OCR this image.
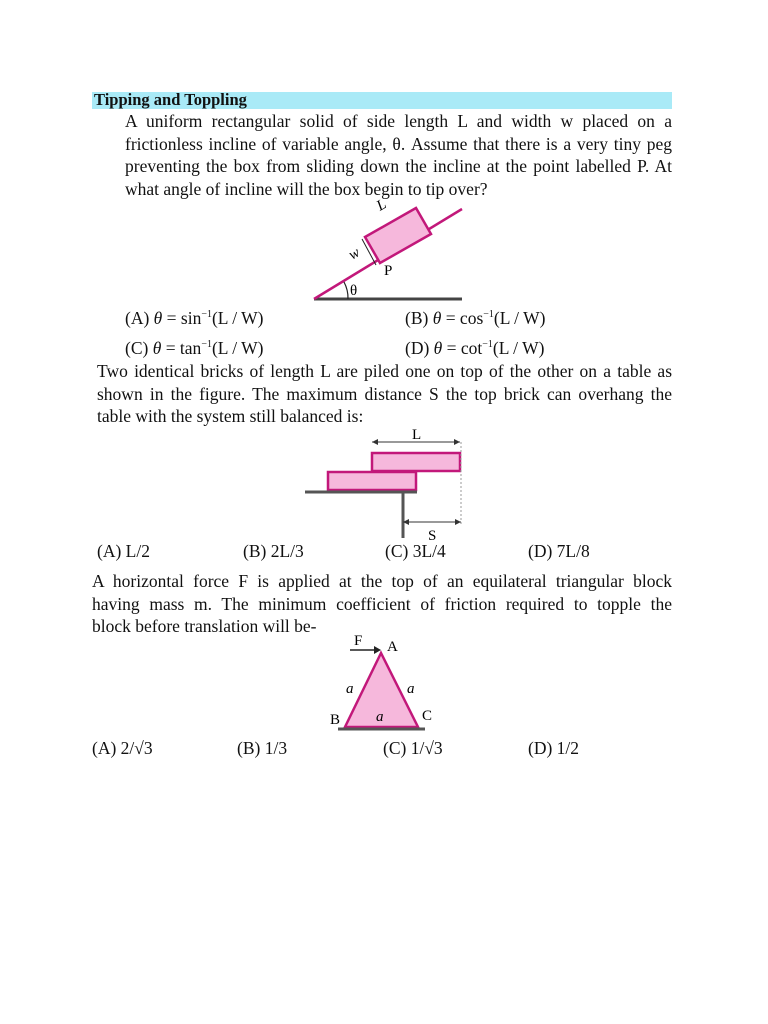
Tipping and Toppling
A uniform rectangular solid of side length L and width w placed on a
frictionless incline of variable angle, θ. Assume that there is a very tiny peg
preventing the box from sliding down the incline at the point labelled P. At
what angle of incline will the box begin to tip over?
L
w
P
θ
(A) $\theta = \sin^{-1}(L / W)$	(B) $\theta = \cos^{-1}(L / W)$
(C) $\theta = \tan^{-1}(L / W)$	(D) $\theta = \cot^{-1}(L / W)$
Two identical bricks of length L are piled one on top of the other on a table as
shown in the figure. The maximum distance S the top brick can overhang the
table with the system still balanced is:
L
S
(A) L/2	(B) 2L/3	(C) 3L/4	(D) 7L/8
A horizontal force F is applied at the top of an equilateral triangular block
having mass m. The minimum coefficient of friction required to topple the
block before translation will be-
F A
a	a
a
B	C
(A) 2/√3	(B) 1/3	(C) 1/√3	(D) 1/2
